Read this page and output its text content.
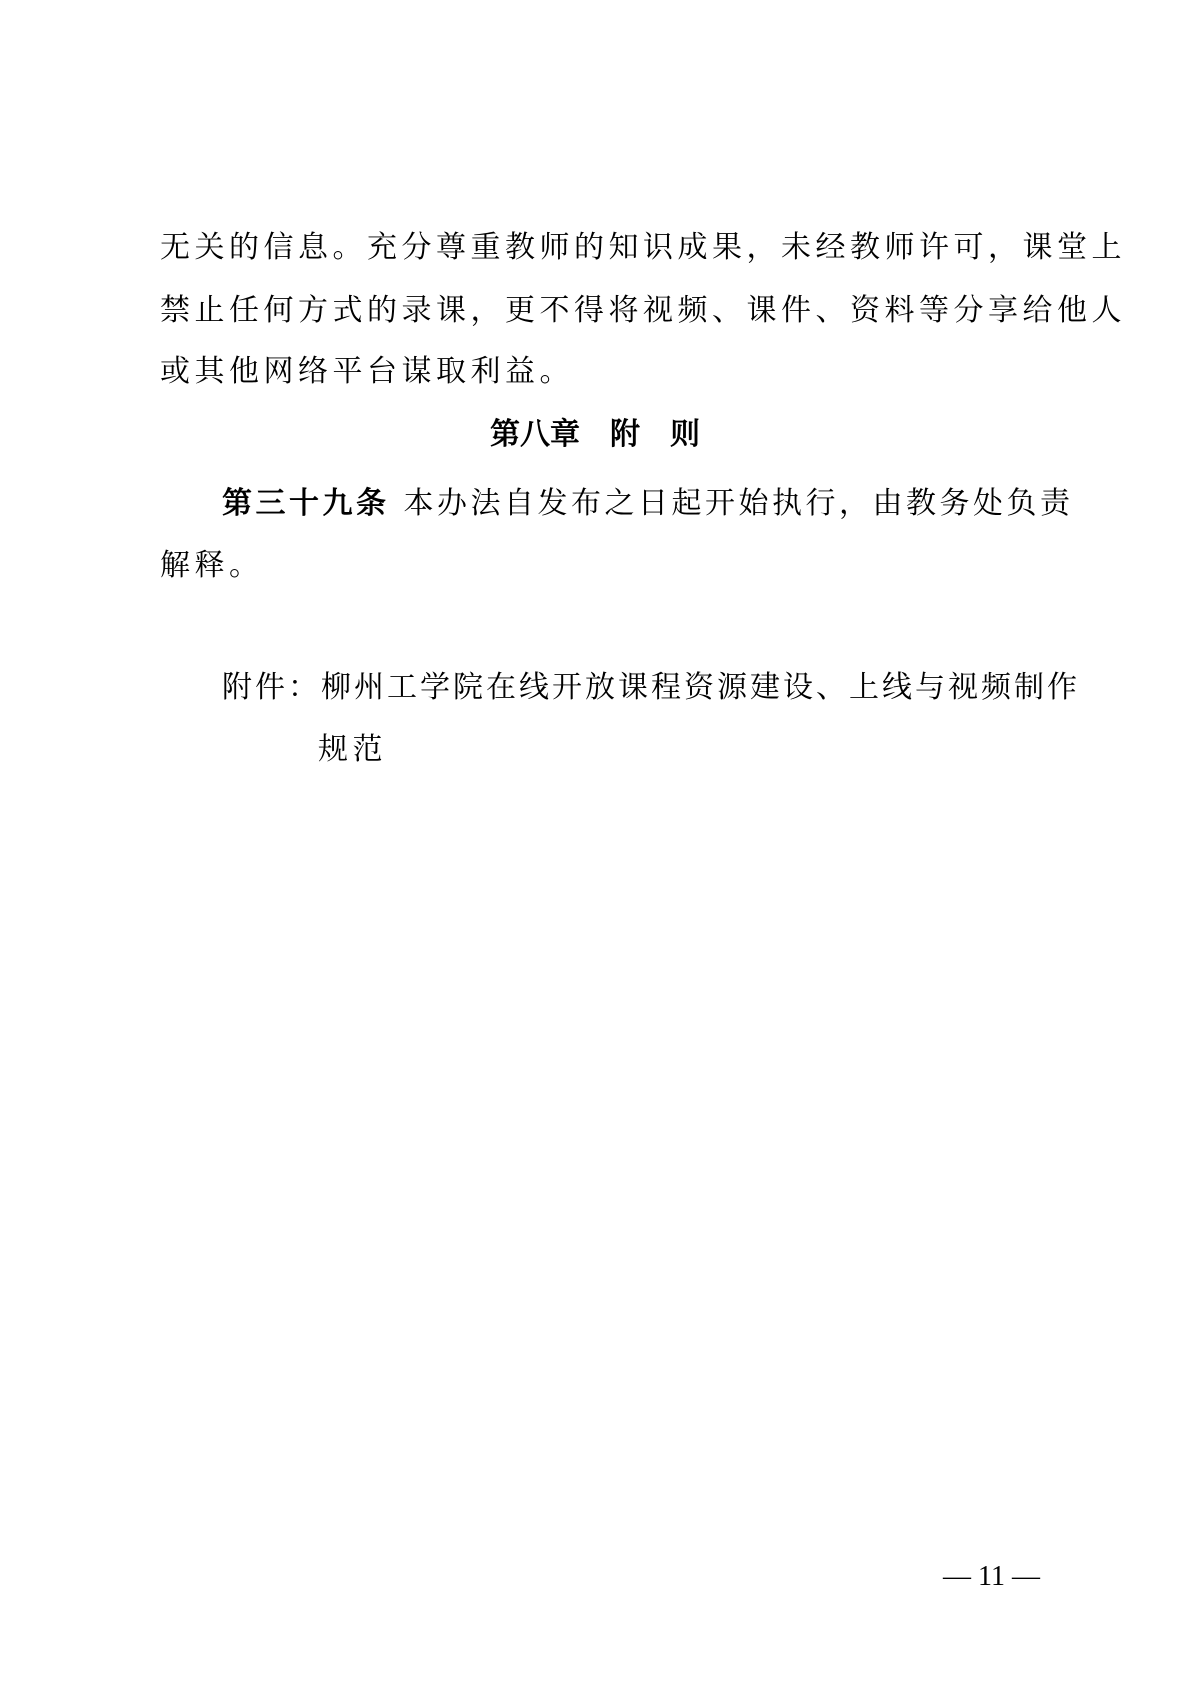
无关的信息。充分尊重教师的知识成果，未经教师许可，课堂上
禁止任何方式的录课，更不得将视频、课件、资料等分享给他人
或其他网络平台谋取利益。
第八章　附　则
第三十九条 本办法自发布之日起开始执行，由教务处负责
解释。
附件：柳州工学院在线开放课程资源建设、上线与视频制作
规范
— 11 —
